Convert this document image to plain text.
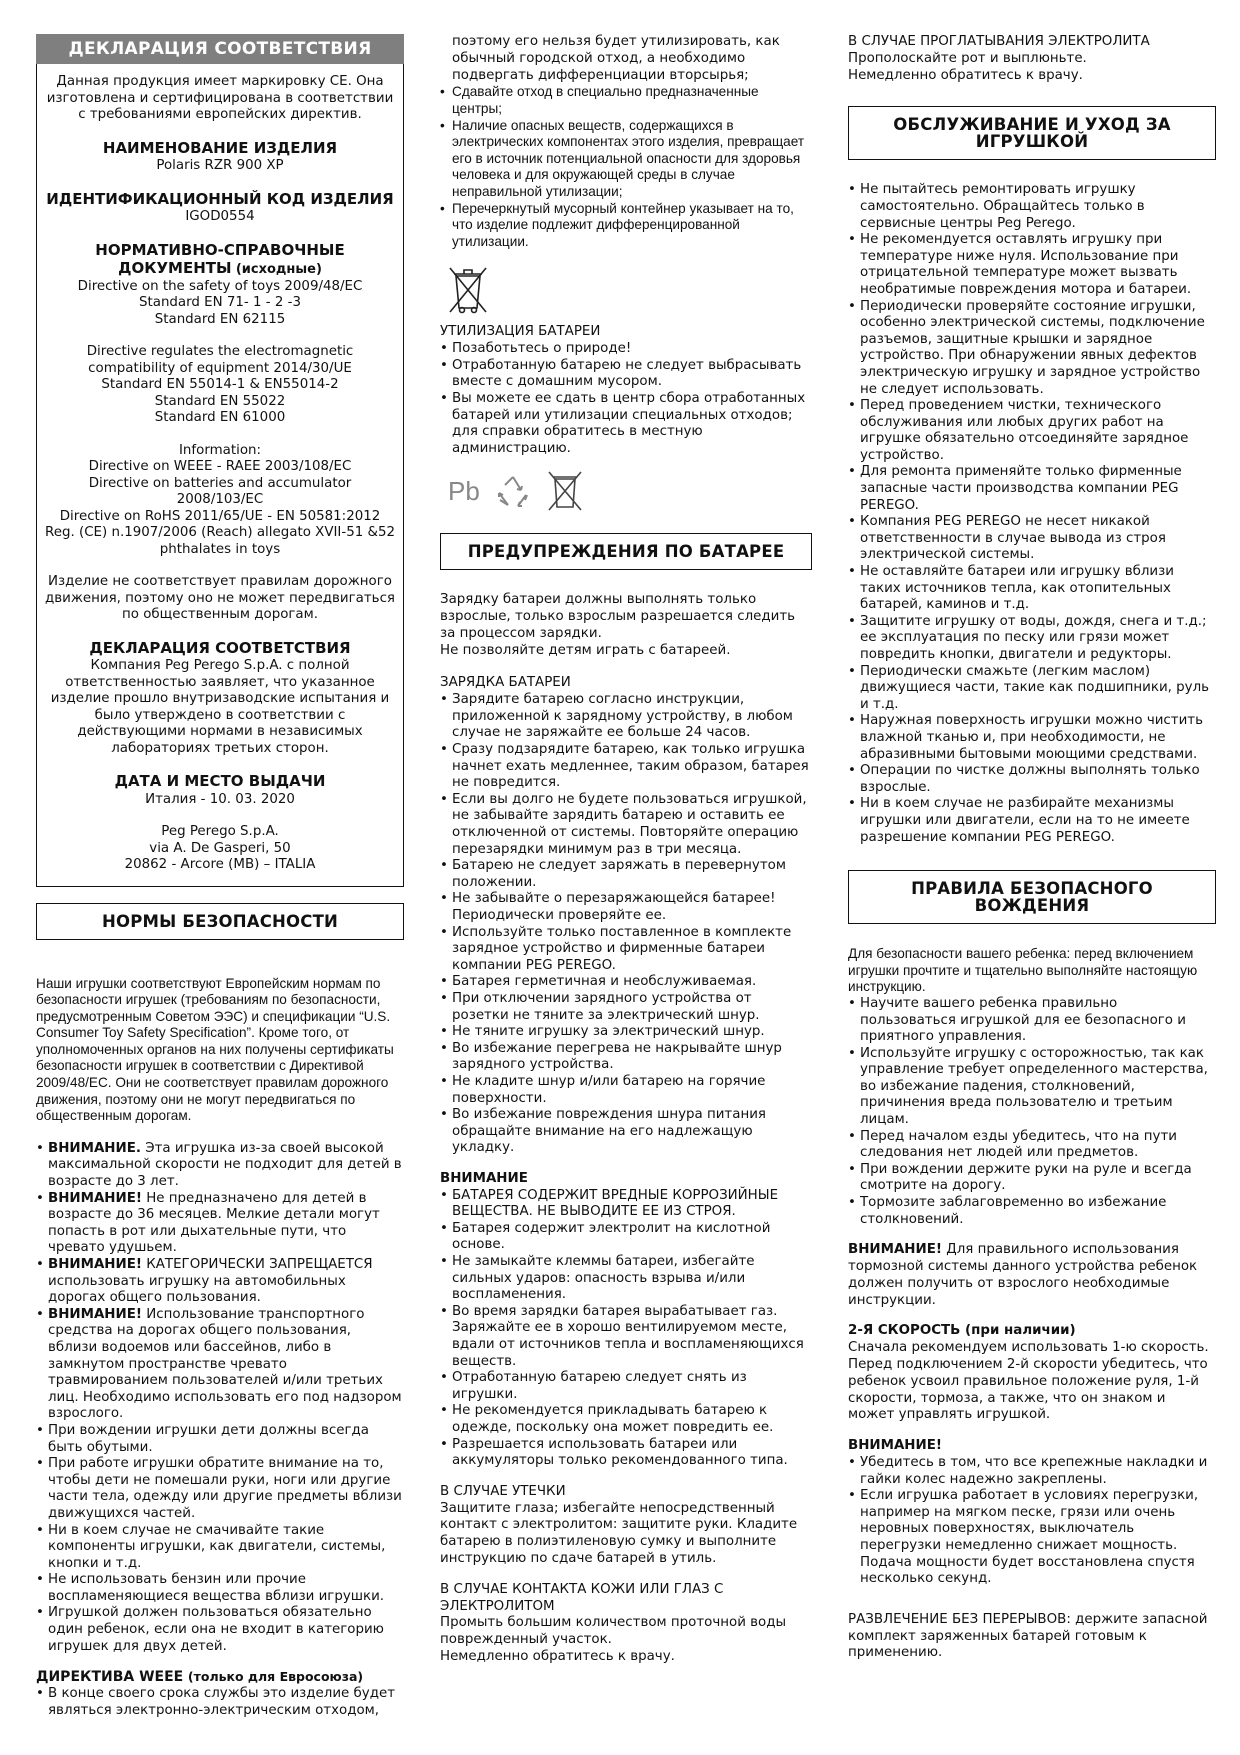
ДЕКЛАРАЦИЯ СООТВЕТСТВИЯ

Данная продукция имеет маркировку CE. Она изготовлена и сертифицирована в соответствии с требованиями европейских директив.

НАИМЕНОВАНИЕ ИЗДЕЛИЯ
Polaris RZR 900 XP

ИДЕНТИФИКАЦИОННЫЙ КОД ИЗДЕЛИЯ
IGOD0554

НОРМАТИВНО-СПРАВОЧНЫЕ ДОКУМЕНТЫ (исходные)
Directive on the safety of toys 2009/48/EC
Standard EN 71- 1 - 2 -3
Standard EN 62115

Directive regulates the electromagnetic compatibility of equipment 2014/30/UE
Standard EN 55014-1 & EN55014-2
Standard EN 55022
Standard EN 61000

Information:
Directive on WEEE - RAEE 2003/108/EC
Directive on batteries and accumulator 2008/103/EC
Directive on RoHS 2011/65/UE - EN 50581:2012
Reg. (CE) n.1907/2006 (Reach) allegato XVII-51 &52 phthalates in toys

Изделие не соответствует правилам дорожного движения, поэтому оно не может передвигаться по общественным дорогам.

ДЕКЛАРАЦИЯ СООТВЕТСТВИЯ
Компания Peg Perego S.p.A. с полной ответственностью заявляет, что указанное изделие прошло внутризаводские испытания и было утверждено в соответствии с действующими нормами в независимых лабораториях третьих сторон.

ДАТА И МЕСТО ВЫДАЧИ
Италия - 10. 03. 2020

Peg Perego S.p.A.
via A. De Gasperi, 50
20862 - Arcore (MB) – ITALIA

НОРМЫ БЕЗОПАСНОСТИ

Наши игрушки соответствуют Европейским нормам по безопасности игрушек (требованиям по безопасности, предусмотренным Советом ЭЭС) и спецификации “U.S. Consumer Toy Safety Specification”. Кроме того, от уполномоченных органов на них получены сертификаты безопасности игрушек в соответствии с Директивой 2009/48/EC. Они не соответствует правилам дорожного движения, поэтому они не могут передвигаться по общественным дорогам.

• ВНИМАНИЕ. Эта игрушка из-за своей высокой максимальной скорости не подходит для детей в возрасте до 3 лет.
• ВНИМАНИЕ! Не предназначено для детей в возрасте до 36 месяцев. Мелкие детали могут попасть в рот или дыхательные пути, что чревато удушьем.
• ВНИМАНИЕ! КАТЕГОРИЧЕСКИ ЗАПРЕЩАЕТСЯ использовать игрушку на автомобильных дорогах общего пользования.
• ВНИМАНИЕ! Использование транспортного средства на дорогах общего пользования, вблизи водоемов или бассейнов, либо в замкнутом пространстве чревато травмированием пользователей и/или третьих лиц. Необходимо использовать его под надзором взрослого.
• При вождении игрушки дети должны всегда быть обутыми.
• При работе игрушки обратите внимание на то, чтобы дети не помешали руки, ноги или другие части тела, одежду или другие предметы вблизи движущихся частей.
• Ни в коем случае не смачивайте такие компоненты игрушки, как двигатели, системы, кнопки и т.д.
• Не использовать бензин или прочие воспламеняющиеся вещества вблизи игрушки.
• Игрушкой должен пользоваться обязательно один ребенок, если она не входит в категорию игрушек для двух детей.

ДИРЕКТИВА WEEE (только для Евросоюза)

• В конце своего срока службы это изделие будет являться электронно-электрическим отходом,
поэтому его нельзя будет утилизировать, как обычный городской отход, а необходимо подвергать дифференциации вторсырья;
• Сдавайте отход в специально предназначенные центры;
• Наличие опасных веществ, содержащихся в электрических компонентах этого изделия, превращает его в источник потенциальной опасности для здоровья человека и для окружающей среды в случае неправильной утилизации;
• Перечеркнутый мусорный контейнер указывает на то, что изделие подлежит дифференцированной утилизации.
УТИЛИЗАЦИЯ БАТАРЕИ
• Позаботьтесь о природе!
• Отработанную батарею не следует выбрасывать вместе с домашним мусором.
• Вы можете ее сдать в центр сбора отработанных батарей или утилизации специальных отходов; для справки обратитесь в местную администрацию.
Pb
ПРЕДУПРЕЖДЕНИЯ ПО БАТАРЕЕ

Зарядку батареи должны выполнять только взрослые, только взрослым разрешается следить за процессом зарядки.
Не позволяйте детям играть с батареей.

ЗАРЯДКА БАТАРЕИ
• Зарядите батарею согласно инструкции, приложенной к зарядному устройству, в любом случае не заряжайте ее больше 24 часов.
• Сразу подзарядите батарею, как только игрушка начнет ехать медленнее, таким образом, батарея не повредится.
• Если вы долго не будете пользоваться игрушкой, не забывайте зарядить батарею и оставить ее отключенной от системы. Повторяйте операцию перезарядки минимум раз в три месяца.
• Батарею не следует заряжать в перевернутом положении.
• Не забывайте о перезаряжающейся батарее! Периодически проверяйте ее.
• Используйте только поставленное в комплекте зарядное устройство и фирменные батареи компании PEG PEREGO.
• Батарея герметичная и необслуживаемая.
• При отключении зарядного устройства от розетки не тяните за электрический шнур.
• Не тяните игрушку за электрический шнур.
• Во избежание перегрева не накрывайте шнур зарядного устройства.
• Не кладите шнур и/или батарею на горячие поверхности.
• Во избежание повреждения шнура питания обращайте внимание на его надлежащую укладку.
ВНИМАНИЕ
• БАТАРЕЯ СОДЕРЖИТ ВРЕДНЫЕ КОРРОЗИЙНЫЕ ВЕЩЕСТВА. НЕ ВЫВОДИТЕ ЕЕ ИЗ СТРОЯ.
• Батарея содержит электролит на кислотной основе.
• Не замыкайте клеммы батареи, избегайте сильных ударов: опасность взрыва и/или воспламенения.
• Во время зарядки батарея вырабатывает газ. Заряжайте ее в хорошо вентилируемом месте, вдали от источников тепла и воспламеняющихся веществ.
• Отработанную батарею следует снять из игрушки.
• Не рекомендуется прикладывать батарею к одежде, поскольку она может повредить ее.
• Разрешается использовать батареи или аккумуляторы только рекомендованного типа.
В СЛУЧАЕ УТЕЧКИ

Защитите глаза; избегайте непосредственный контакт с электролитом: защитите руки. Кладите батарею в полиэтиленовую сумку и выполните инструкцию по сдаче батарей в утиль.

В СЛУЧАЕ КОНТАКТА КОЖИ ИЛИ ГЛАЗ С ЭЛЕКТРОЛИТОМ

Промыть большим количеством проточной воды поврежденный участок.
Немедленно обратитесь к врачу.

В СЛУЧАЕ ПРОГЛАТЫВАНИЯ ЭЛЕКТРОЛИТА

Прополоскайте рот и выплюньте.
Немедленно обратитесь к врачу.

ОБСЛУЖИВАНИЕ И УХОД ЗА ИГРУШКОЙ
• Не пытайтесь ремонтировать игрушку самостоятельно. Обращайтесь только в сервисные центры Peg Perego.
• Не рекомендуется оставлять игрушку при температуре ниже нуля. Использование при отрицательной температуре может вызвать необратимые повреждения мотора и батареи.
• Периодически проверяйте состояние игрушки, особенно электрической системы, подключение разъемов, защитные крышки и зарядное устройство. При обнаружении явных дефектов электрическую игрушку и зарядное устройство не следует использовать.
• Перед проведением чистки, технического обслуживания или любых других работ на игрушке обязательно отсоединяйте зарядное устройство.
• Для ремонта применяйте только фирменные запасные части производства компании PEG PEREGO.
• Компания PEG PEREGO не несет никакой ответственности в случае вывода из строя электрической системы.
• Не оставляйте батареи или игрушку вблизи таких источников тепла, как отопительных батарей, каминов и т.д.
• Защитите игрушку от воды, дождя, снега и т.д.; ее эксплуатация по песку или грязи может повредить кнопки, двигатели и редукторы.
• Периодически смажьте (легким маслом) движущиеся части, такие как подшипники, руль и т.д.
• Наружная поверхность игрушки можно чистить влажной тканью и, при необходимости, не абразивными бытовыми моющими средствами.
• Операции по чистке должны выполнять только взрослые.
• Ни в коем случае не разбирайте механизмы игрушки или двигатели, если на то не имеете разрешение компании PEG PEREGO.
ПРАВИЛА БЕЗОПАСНОГО ВОЖДЕНИЯ

Для безопасности вашего ребенка: перед включением игрушки прочтите и тщательно выполняйте настоящую инструкцию.

• Научите вашего ребенка правильно пользоваться игрушкой для ее безопасного и приятного управления.
• Используйте игрушку с осторожностью, так как управление требует определенного мастерства, во избежание падения, столкновений, причинения вреда пользователю и третьим лицам.
• Перед началом езды убедитесь, что на пути следования нет людей или предметов.
• При вождении держите руки на руле и всегда смотрите на дорогу.
• Тормозите заблаговременно во избежание столкновений.

ВНИМАНИЕ! Для правильного использования тормозной системы данного устройства ребенок должен получить от взрослого необходимые инструкции.

2-Я СКОРОСТЬ (при наличии)

Сначала рекомендуем использовать 1-ю скорость. Перед подключением 2-й скорости убедитесь, что ребенок усвоил правильное положение руля, 1-й скорости, тормоза, а также, что он знаком и может управлять игрушкой.

ВНИМАНИЕ!
• Убедитесь в том, что все крепежные накладки и гайки колес надежно закреплены.
• Если игрушка работает в условиях перегрузки, например на мягком песке, грязи или очень неровных поверхностях, выключатель перегрузки немедленно снижает мощность. Подача мощности будет восстановлена спустя несколько секунд.

РАЗВЛЕЧЕНИЕ БЕЗ ПЕРЕРЫВОВ: держите запасной комплект заряженных батарей готовым к применению.
